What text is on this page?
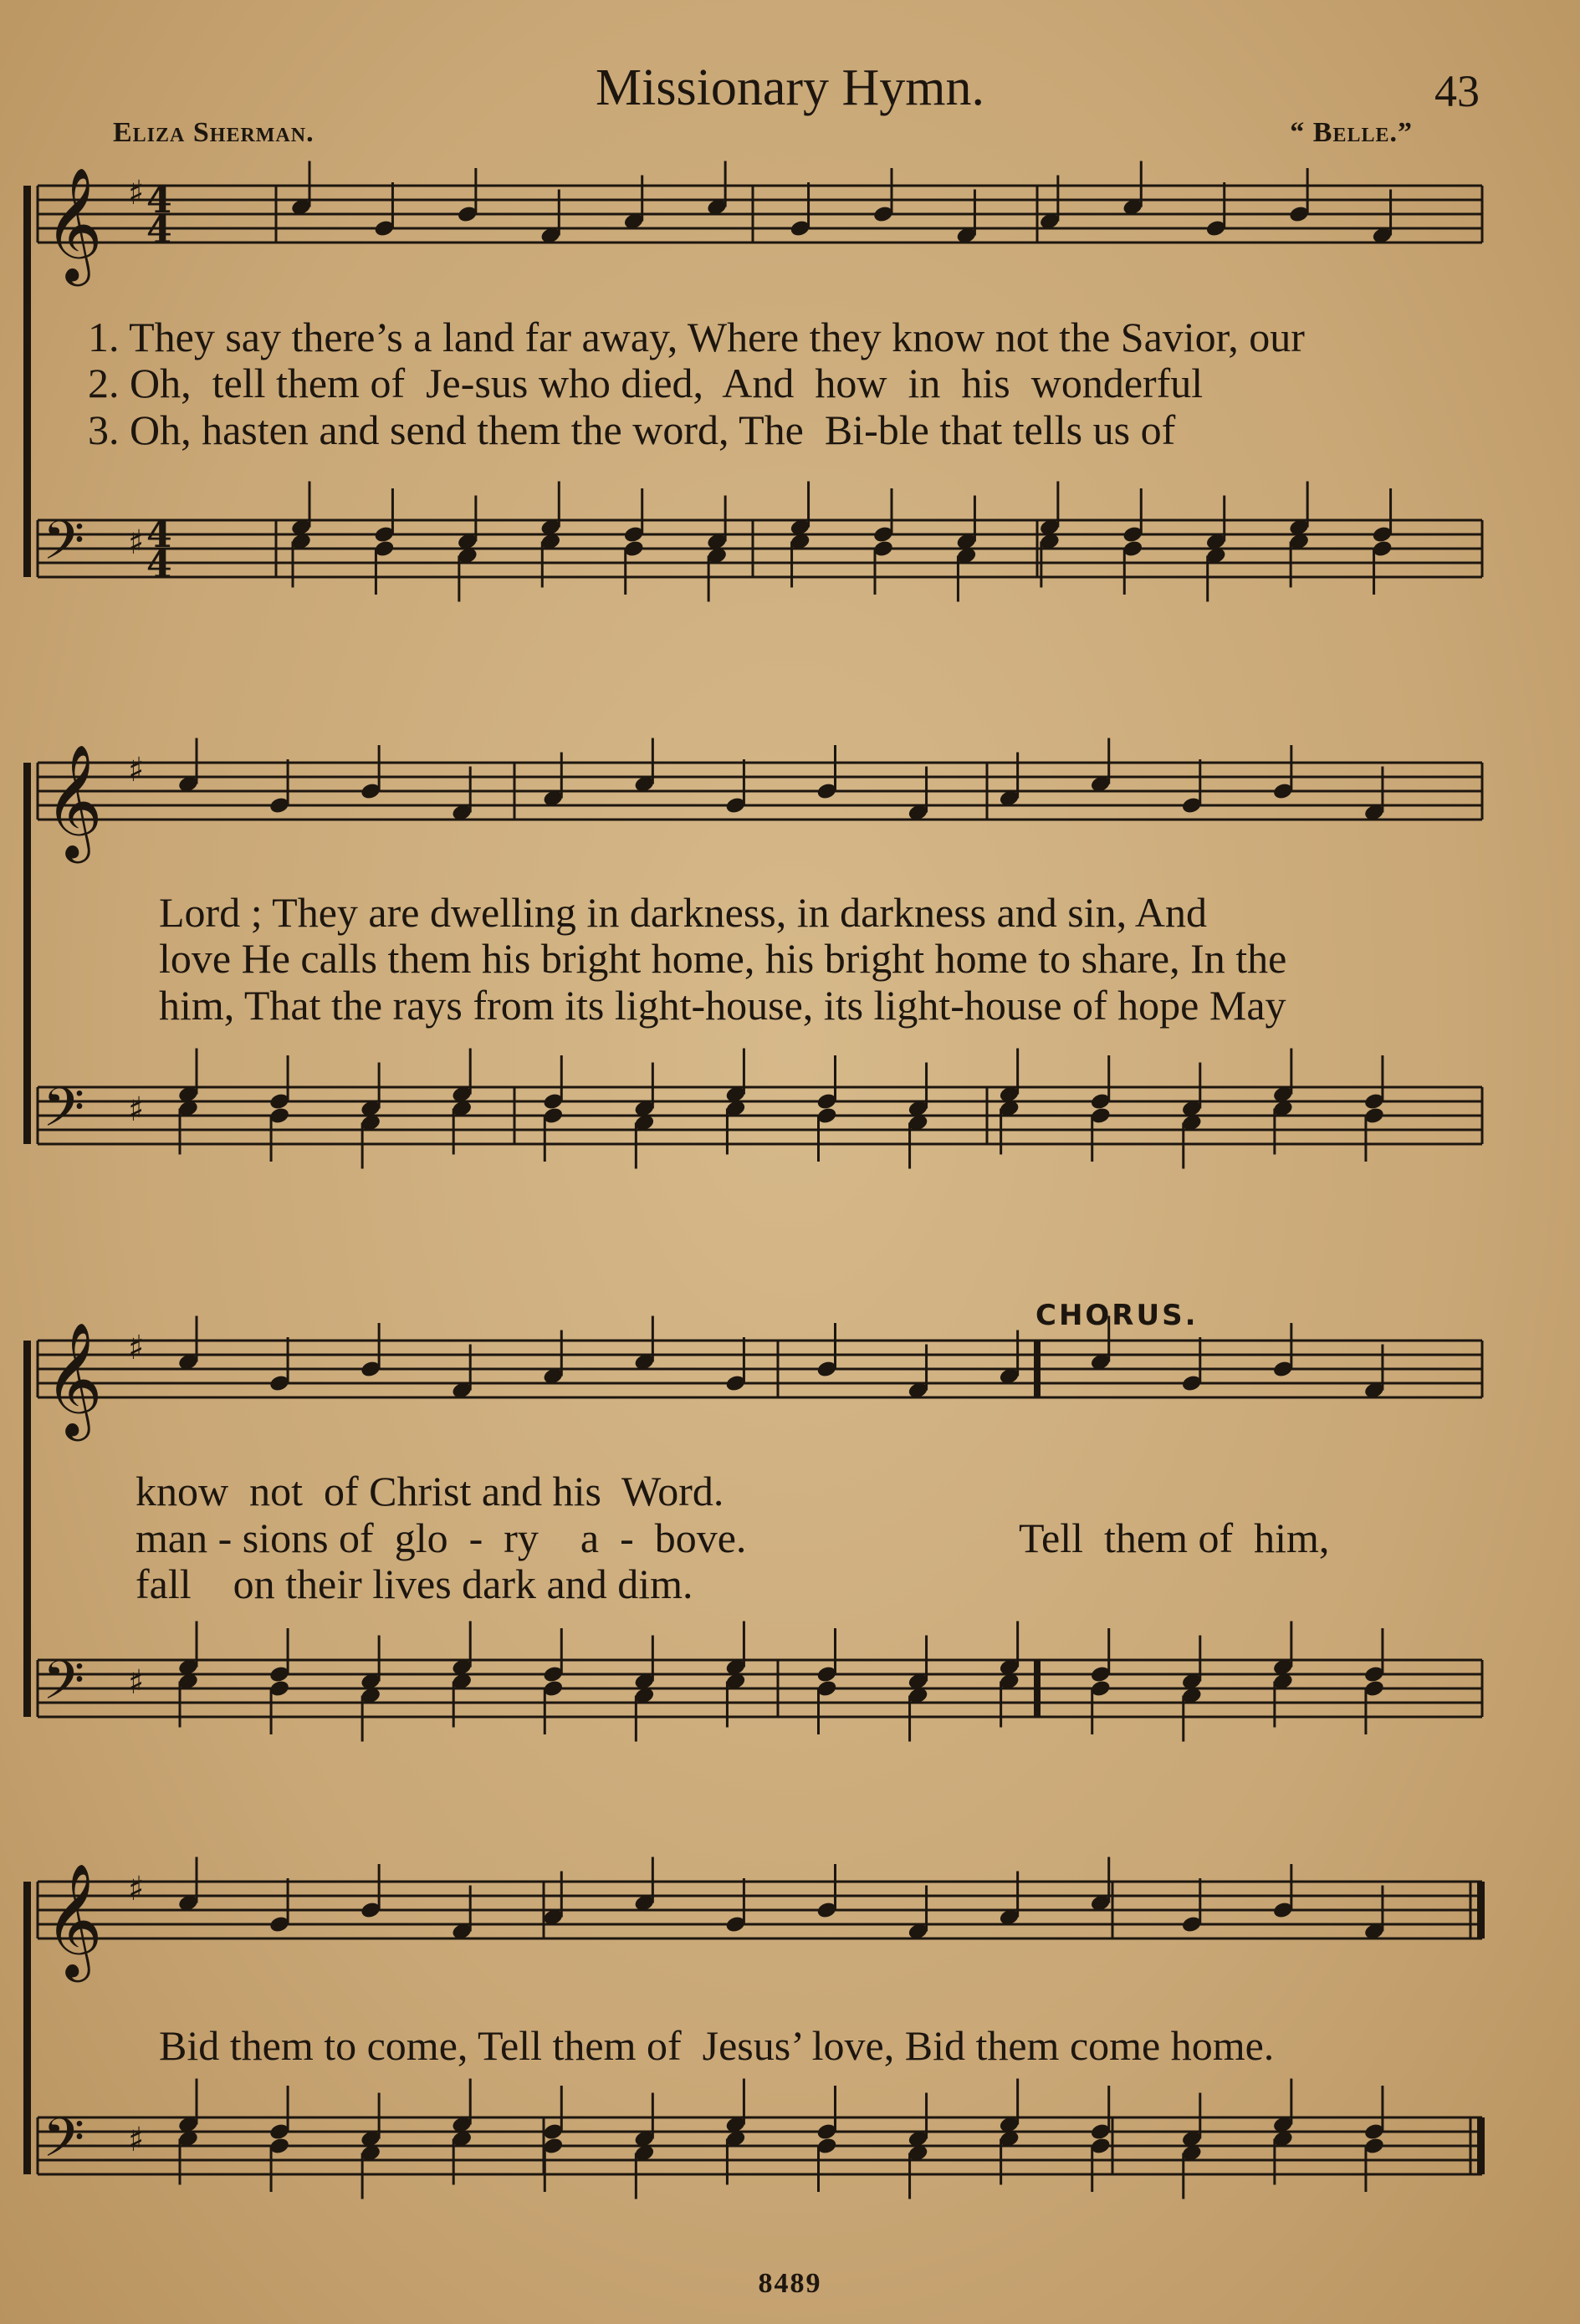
Missionary Hymn.	43
Eliza Sherman.	“ Belle.”
𝄞
𝄢
♯
♯
4
4
4
4
𝄞
𝄢
♯
♯
𝄞
𝄢
♯
♯
𝄞
𝄢
♯
♯
1. They say there’s a land far away, Where they know not the Savior, our
2. Oh,  tell them of  Je-sus who died,  And  how  in  his  wonderful
3. Oh, hasten and send them the word, The  Bi-ble that tells us of
Lord ; They are dwelling in darkness, in darkness and sin, And
love He calls them his bright home, his bright home to share, In the
him, That the rays from its light-house, its light-house of hope May
CHORUS.
know  not  of Christ and his  Word.
man - sions of  glo  -  ry    a  -  bove.
fall    on their lives dark and dim.
Tell  them of  him,
Bid them to come, Tell them of  Jesus’ love, Bid them come home.
8489
